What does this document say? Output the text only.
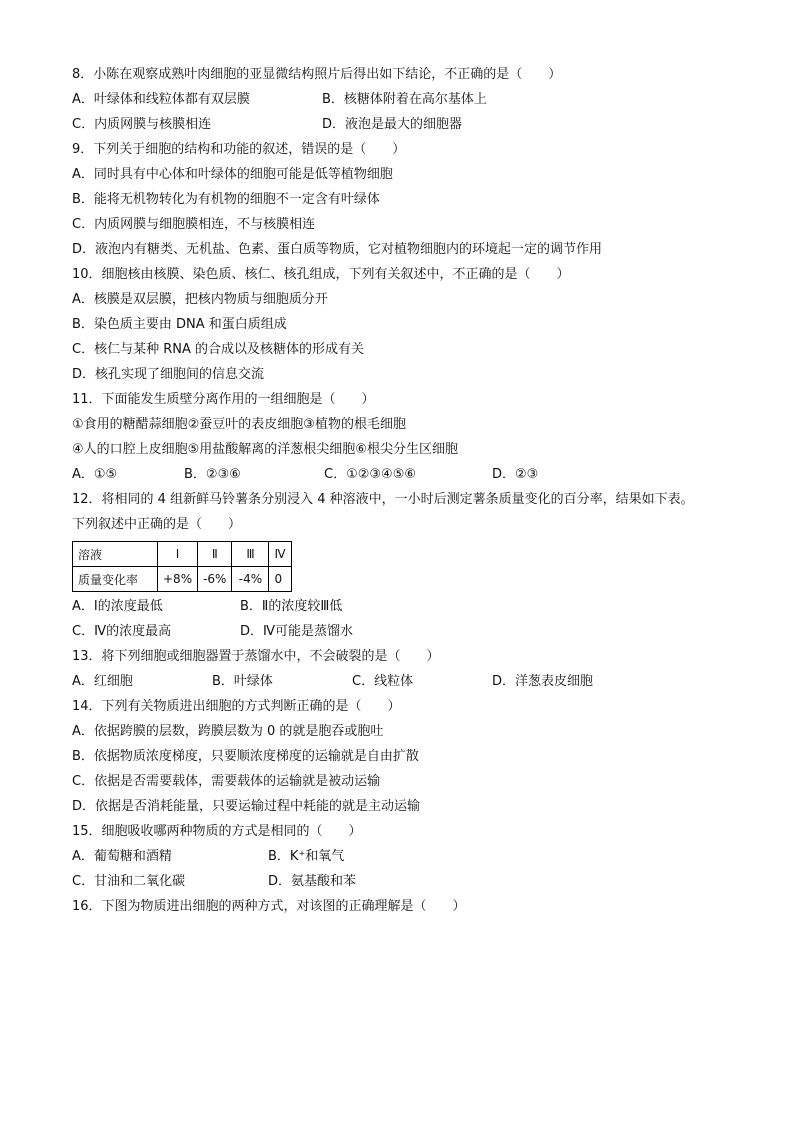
8．小陈在观察成熟叶肉细胞的亚显微结构照片后得出如下结论，不正确的是（　　）
A．叶绿体和线粒体都有双层膜	B．核糖体附着在高尔基体上
C．内质网膜与核膜相连	D．液泡是最大的细胞器
9．下列关于细胞的结构和功能的叙述，错误的是（　　）
A．同时具有中心体和叶绿体的细胞可能是低等植物细胞
B．能将无机物转化为有机物的细胞不一定含有叶绿体
C．内质网膜与细胞膜相连，不与核膜相连
D．液泡内有糖类、无机盐、色素、蛋白质等物质，它对植物细胞内的环境起一定的调节作用
10．细胞核由核膜、染色质、核仁、核孔组成，下列有关叙述中，不正确的是（　　）
A．核膜是双层膜，把核内物质与细胞质分开
B．染色质主要由 DNA 和蛋白质组成
C．核仁与某种 RNA 的合成以及核糖体的形成有关
D．核孔实现了细胞间的信息交流
11．下面能发生质壁分离作用的一组细胞是（　　）
①食用的糖醋蒜细胞②蚕豆叶的表皮细胞③植物的根毛细胞
④人的口腔上皮细胞⑤用盐酸解离的洋葱根尖细胞⑥根尖分生区细胞
A．①⑤	B．②③⑥	C．①②③④⑤⑥	D．②③
12．将相同的 4 组新鲜马铃薯条分别浸入 4 种溶液中，一小时后测定薯条质量变化的百分率，结果如下表。
下列叙述中正确的是（　　）
溶液	Ⅰ	Ⅱ	Ⅲ	Ⅳ
质量变化率	+8%	-6%	-4%	0
A．Ⅰ的浓度最低	B．Ⅱ的浓度较Ⅲ低
C．Ⅳ的浓度最高	D．Ⅳ可能是蒸馏水
13．将下列细胞或细胞器置于蒸馏水中，不会破裂的是（　　）
A．红细胞	B．叶绿体	C．线粒体	D．洋葱表皮细胞
14．下列有关物质进出细胞的方式判断正确的是（　　）
A．依据跨膜的层数，跨膜层数为 0 的就是胞吞或胞吐
B．依据物质浓度梯度，只要顺浓度梯度的运输就是自由扩散
C．依据是否需要载体，需要载体的运输就是被动运输
D．依据是否消耗能量，只要运输过程中耗能的就是主动运输
15．细胞吸收哪两种物质的方式是相同的（　　）
A．葡萄糖和酒精	B．K⁺和氧气
C．甘油和二氧化碳	D．氨基酸和苯
16．下图为物质进出细胞的两种方式，对该图的正确理解是（　　）
